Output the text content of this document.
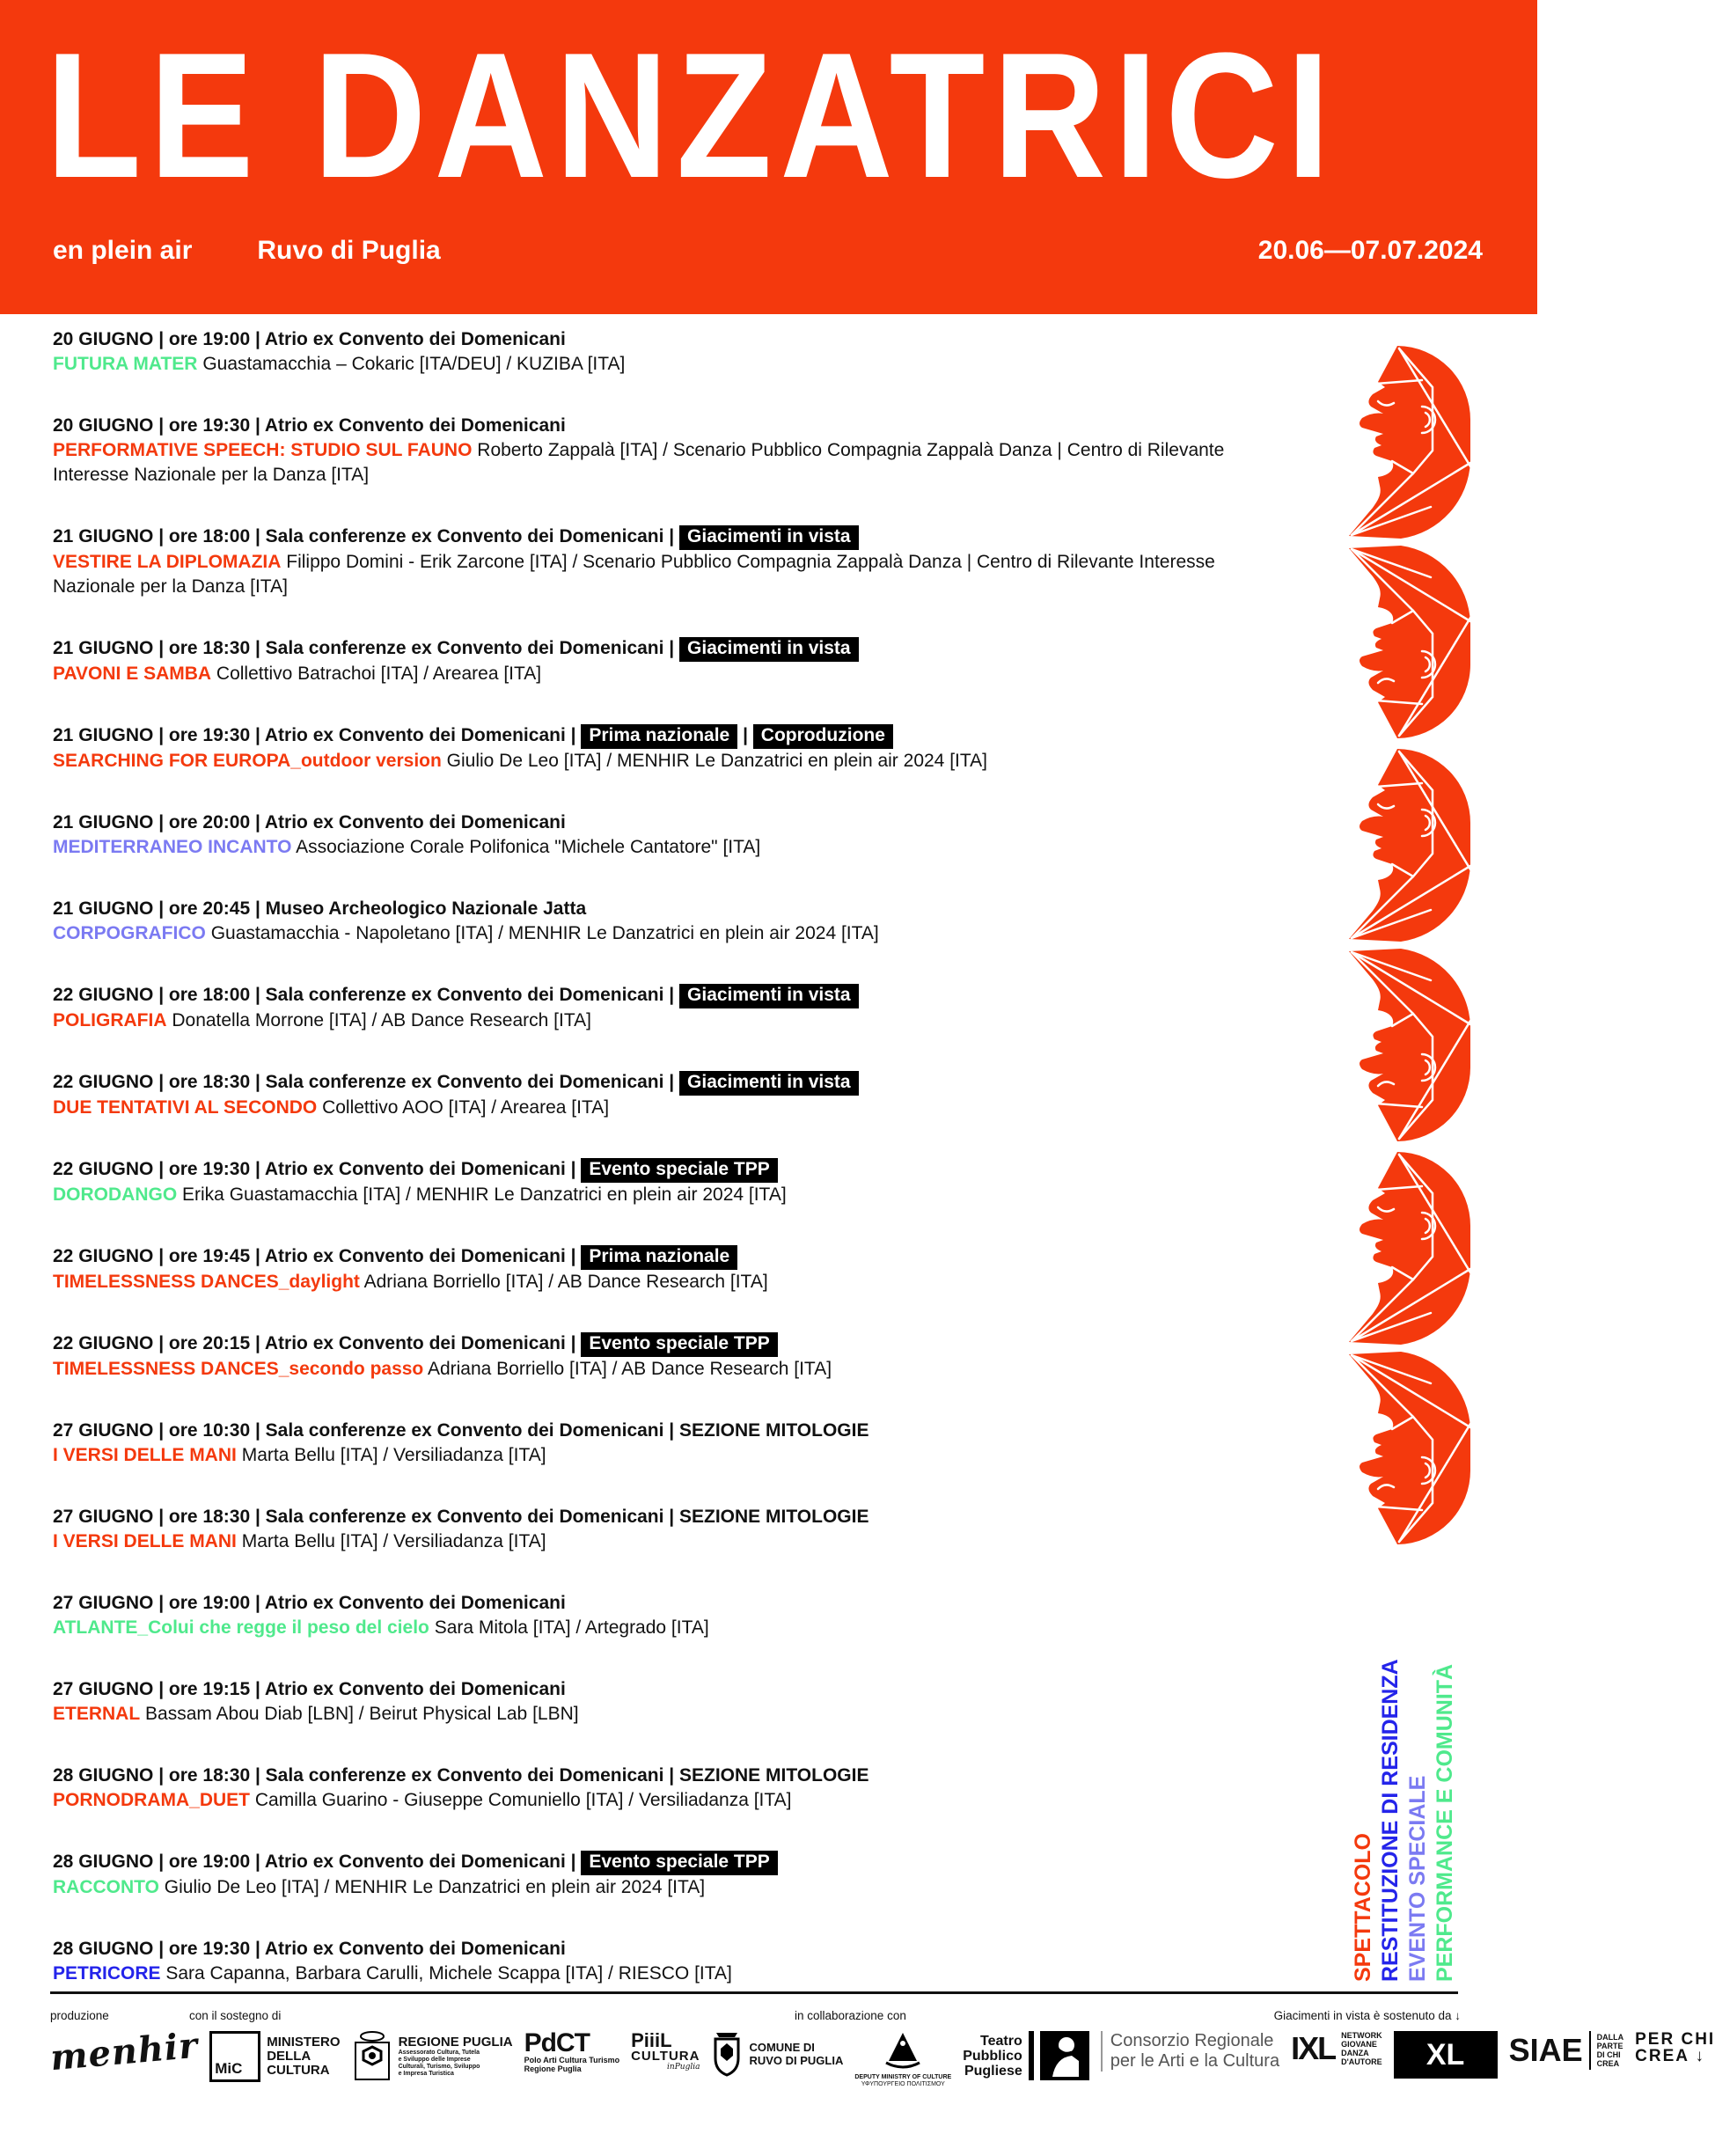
LE DANZATRICI
en plein air Ruvo di Puglia	20.06—07.07.2024
20 GIUGNO | ore 19:00 | Atrio ex Convento dei Domenicani
FUTURA MATER Guastamacchia – Cokaric [ITA/DEU] / KUZIBA [ITA]
20 GIUGNO | ore 19:30 | Atrio ex Convento dei Domenicani
PERFORMATIVE SPEECH: STUDIO SUL FAUNO Roberto Zappalà [ITA] / Scenario Pubblico Compagnia Zappalà Danza | Centro di Rilevante Interesse Nazionale per la Danza [ITA]
21 GIUGNO | ore 18:00 | Sala conferenze ex Convento dei Domenicani | Giacimenti in vista
VESTIRE LA DIPLOMAZIA Filippo Domini - Erik Zarcone [ITA] / Scenario Pubblico Compagnia Zappalà Danza | Centro di Rilevante Interesse Nazionale per la Danza [ITA]
21 GIUGNO | ore 18:30 | Sala conferenze ex Convento dei Domenicani | Giacimenti in vista
PAVONI E SAMBA Collettivo Batrachoi [ITA] / Arearea [ITA]
21 GIUGNO | ore 19:30 | Atrio ex Convento dei Domenicani | Prima nazionale | Coproduzione
SEARCHING FOR EUROPA_outdoor version Giulio De Leo [ITA] / MENHIR Le Danzatrici en plein air 2024 [ITA]
21 GIUGNO | ore 20:00 | Atrio ex Convento dei Domenicani
MEDITERRANEO INCANTO Associazione Corale Polifonica "Michele Cantatore" [ITA]
21 GIUGNO | ore 20:45 | Museo Archeologico Nazionale Jatta
CORPOGRAFICO Guastamacchia - Napoletano [ITA] / MENHIR Le Danzatrici en plein air 2024 [ITA]
22 GIUGNO | ore 18:00 | Sala conferenze ex Convento dei Domenicani | Giacimenti in vista
POLIGRAFIA Donatella Morrone [ITA] / AB Dance Research [ITA]
22 GIUGNO | ore 18:30 | Sala conferenze ex Convento dei Domenicani | Giacimenti in vista
DUE TENTATIVI AL SECONDO Collettivo AOO [ITA] / Arearea [ITA]
22 GIUGNO | ore 19:30 | Atrio ex Convento dei Domenicani | Evento speciale TPP
DORODANGO Erika Guastamacchia [ITA] / MENHIR Le Danzatrici en plein air 2024 [ITA]
22 GIUGNO | ore 19:45 | Atrio ex Convento dei Domenicani | Prima nazionale
TIMELESSNESS DANCES_daylight Adriana Borriello [ITA] / AB Dance Research [ITA]
22 GIUGNO | ore 20:15 | Atrio ex Convento dei Domenicani | Evento speciale TPP
TIMELESSNESS DANCES_secondo passo Adriana Borriello [ITA] / AB Dance Research [ITA]
27 GIUGNO | ore 10:30 | Sala conferenze ex Convento dei Domenicani | SEZIONE MITOLOGIE
I VERSI DELLE MANI Marta Bellu [ITA] / Versiliadanza [ITA]
27 GIUGNO | ore 18:30 | Sala conferenze ex Convento dei Domenicani | SEZIONE MITOLOGIE
I VERSI DELLE MANI Marta Bellu [ITA] / Versiliadanza [ITA]
27 GIUGNO | ore 19:00 | Atrio ex Convento dei Domenicani
ATLANTE_Colui che regge il peso del cielo Sara Mitola [ITA] / Artegrado [ITA]
27 GIUGNO | ore 19:15 | Atrio ex Convento dei Domenicani
ETERNAL Bassam Abou Diab [LBN] / Beirut Physical Lab [LBN]
28 GIUGNO | ore 18:30 | Sala conferenze ex Convento dei Domenicani | SEZIONE MITOLOGIE
PORNODRAMA_DUET Camilla Guarino - Giuseppe Comuniello [ITA] / Versiliadanza [ITA]
28 GIUGNO | ore 19:00 | Atrio ex Convento dei Domenicani | Evento speciale TPP
RACCONTO Giulio De Leo [ITA] / MENHIR Le Danzatrici en plein air 2024 [ITA]
28 GIUGNO | ore 19:30 | Atrio ex Convento dei Domenicani
PETRICORE Sara Capanna, Barbara Carulli, Michele Scappa [ITA] / RIESCO [ITA]	SPETTACOLO RESTITUZIONE DI RESIDENZA EVENTO SPECIALE PERFORMANCE E COMUNITÀ
produzione	con il sostegno di	in collaborazione con	Giacimenti in vista è sostenuto da ↓
menhir MiC
MINISTERO
DELLA
CULTURA
REGIONE PUGLIA
Assessorato Cultura, Tutela
e Sviluppo delle Imprese
Culturali, Turismo, Sviluppo
e Impresa Turistica
PdCT
Polo Arti Cultura Turismo
Regione Puglia
PiiiL
CULTURA
inPuglia
COMUNE DI
RUVO DI PUGLIA
DEPUTY MINISTRY OF CULTURE
ΥΦΥΠΟΥΡΓΕΙΟ ΠΟΛΙΤΙΣΜΟΥ
Teatro
Pubblico
Pugliese
Consorzio Regionale
per le Arti e la Cultura IXL NETWORK
GIOVANE
DANZA
D'AUTORE XL SIAE DALLA
PARTE
DI CHI
CREA
PER CHI
CREA ↓
